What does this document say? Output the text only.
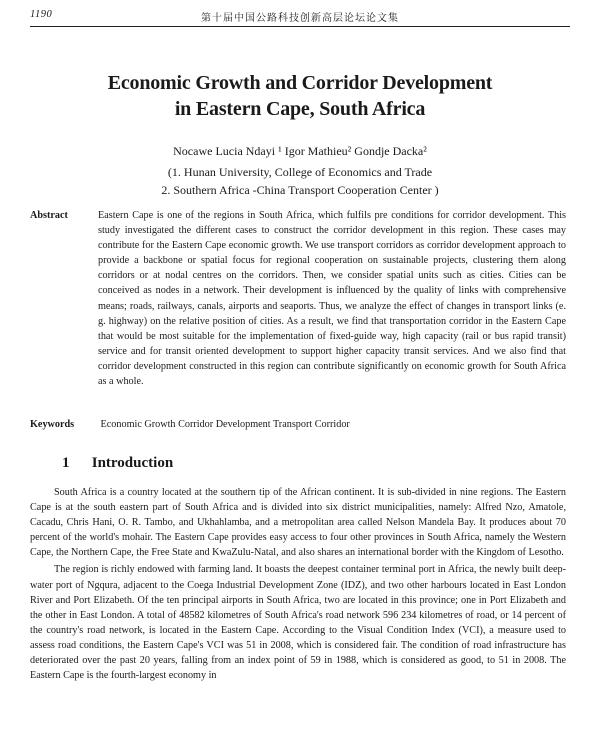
1190	第十届中国公路科技创新高层论坛论文集
Economic Growth and Corridor Development
in Eastern Cape, South Africa
Nocawe Lucia Ndayi ¹ Igor Mathieu² Gondje Dacka²
(1. Hunan University, College of Economics and Trade
2. Southern Africa -China Transport Cooperation Center )
Abstract	Eastern Cape is one of the regions in South Africa, which fulfils pre conditions for corridor development. This study investigated the different cases to construct the corridor development in this region. These cases may contribute for the Eastern Cape economic growth. We use transport corridors as corridor development approach to provide a backbone or spatial focus for regional cooperation on sustainable projects, clustering them along corridors or at nodal centres on the corridors. Then, we consider spatial units such as cities. Cities can be conceived as nodes in a network. Their development is influenced by the quality of links with comprehensive means; roads, railways, canals, airports and seaports. Thus, we analyze the effect of changes in transport links (e. g. highway) on the relative position of cities. As a result, we find that transportation corridor in the Eastern Cape that would be most suitable for the implementation of fixed-guide way, high capacity (rail or bus rapid transit) service and for transit oriented development to support higher capacity transit services. And we also find that corridor development constructed in this region can contribute significantly on economic growth for South Africa as a whole.
Keywords	Economic Growth Corridor Development Transport Corridor
1 Introduction

South Africa is a country located at the southern tip of the African continent. It is sub-divided in nine regions. The Eastern Cape is at the south eastern part of South Africa and is divided into six district municipalities, namely: Alfred Nzo, Amatole, Cacadu, Chris Hani, O. R. Tambo, and Ukhahlamba, and a metropolitan area called Nelson Mandela Bay. It produces about 70 percent of the world's mohair. The Eastern Cape provides easy access to four other provinces in South Africa, namely the Western Cape, the Northern Cape, the Free State and KwaZulu-Natal, and also shares an international border with the Kingdom of Lesotho.

The region is richly endowed with farming land. It boasts the deepest container terminal port in Africa, the newly built deep-water port of Ngqura, adjacent to the Coega Industrial Development Zone (IDZ), and two other harbours located in East London River and Port Elizabeth. Of the ten principal airports in South Africa, two are located in this province; one in Port Elizabeth and the other in East London. A total of 48582 kilometres of South Africa's road network 596 234 kilometres of road, or 14 percent of the country's road network, is located in the Eastern Cape. According to the Visual Condition Index (VCI), a measure used to assess road conditions, the Eastern Cape's VCI was 51 in 2008, which is considered fair. The condition of road infrastructure has deteriorated over the past 20 years, falling from an index point of 59 in 1988, which is considered as good, to 51 in 2008. The Eastern Cape is the fourth-largest economy in
